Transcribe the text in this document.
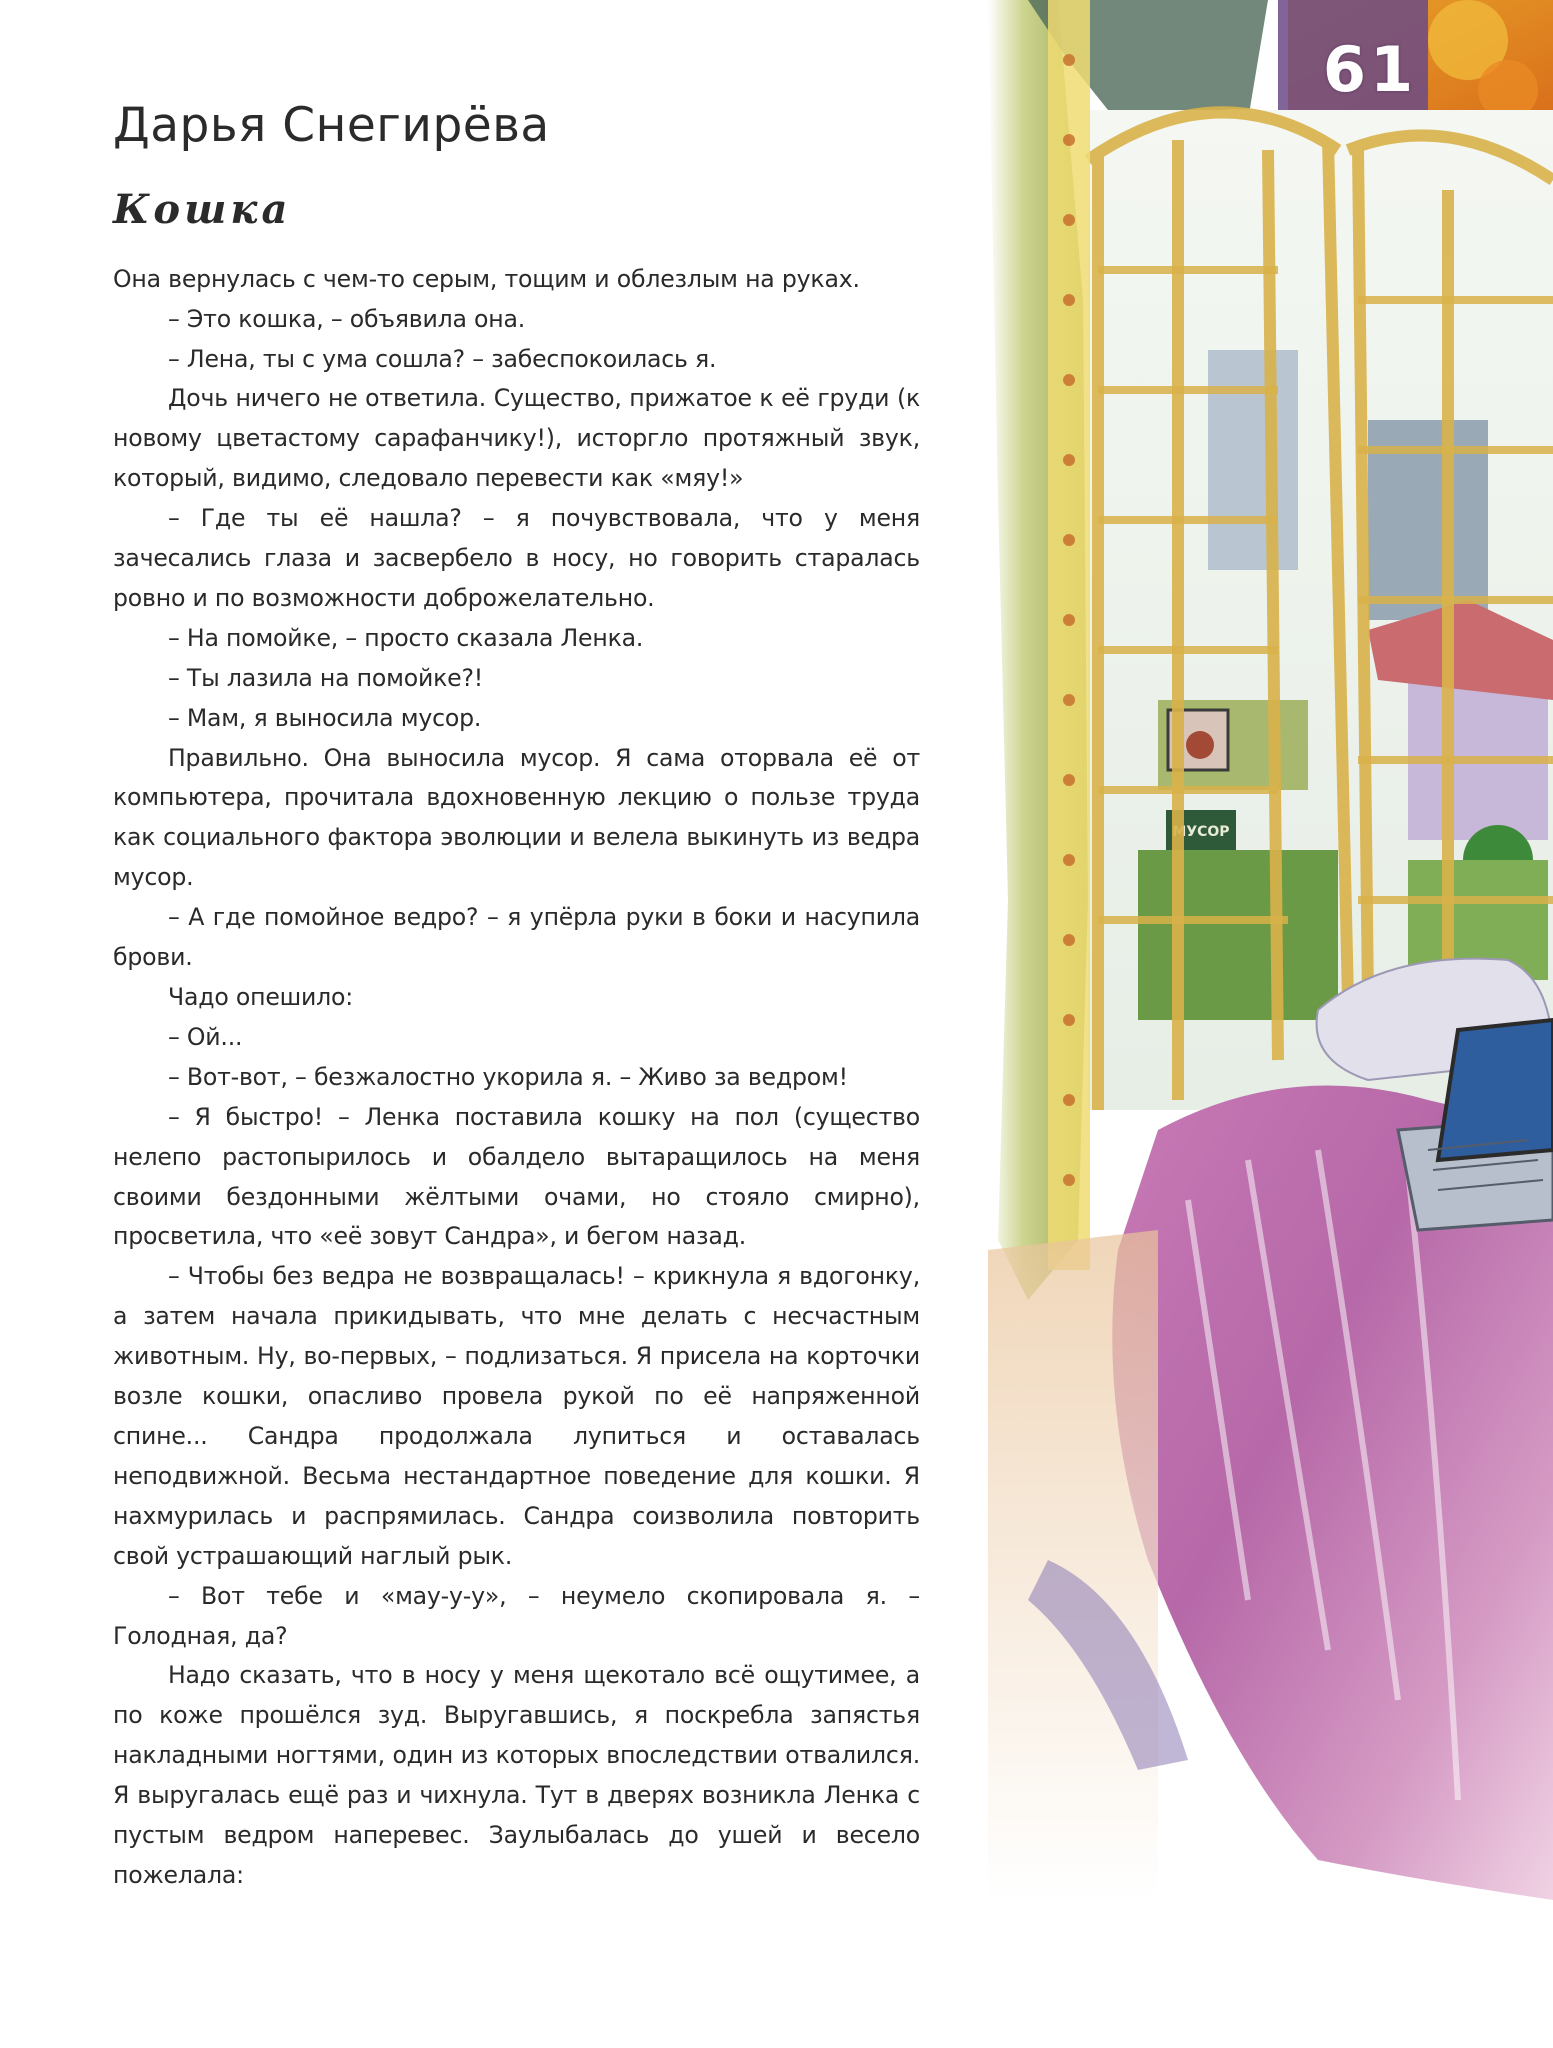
Дарья Снегирёва
Кошка

Она вернулась с чем-то серым, тощим и облезлым на руках.

– Это кошка, – объявила она.

– Лена, ты с ума сошла? – забеспокоилась я.

Дочь ничего не ответила. Существо, прижатое к её груди (к новому цветастому сарафанчику!), исторгло протяжный звук, который, видимо, следовало перевести как «мяу!»

– Где ты её нашла? – я почувствовала, что у меня зачесались глаза и засвербело в носу, но говорить старалась ровно и по возможности доброжелательно.

– На помойке, – просто сказала Ленка.

– Ты лазила на помойке?!

– Мам, я выносила мусор.

Правильно. Она выносила мусор. Я сама оторвала её от компьютера, прочитала вдохновенную лекцию о пользе труда как социального фактора эволюции и велела выкинуть из ведра мусор.

– А где помойное ведро? – я упёрла руки в боки и насупила брови.

Чадо опешило:

– Ой...

– Вот-вот, – безжалостно укорила я. – Живо за ведром!

– Я быстро! – Ленка поставила кошку на пол (существо нелепо растопырилось и обалдело вытаращилось на меня своими бездонными жёлтыми очами, но стояло смирно), просветила, что «её зовут Сандра», и бегом назад.

– Чтобы без ведра не возвращалась! – крикнула я вдогонку, а затем начала прикидывать, что мне делать с несчастным животным. Ну, во-первых, – подлизаться. Я присела на корточки возле кошки, опасливо провела рукой по её напряженной спине... Сандра продолжала лупиться и оставалась неподвижной. Весьма нестандартное поведение для кошки. Я нахмурилась и распрямилась. Сандра соизволила повторить свой устрашающий наглый рык.

– Вот тебе и «мау-у-у», – неумело скопировала я. – Голодная, да?

Надо сказать, что в носу у меня щекотало всё ощутимее, а по коже прошёлся зуд. Выругавшись, я поскребла запястья накладными ногтями, один из которых впоследствии отвалился. Я выругалась ещё раз и чихнула. Тут в дверях возникла Ленка с пустым ведром наперевес. Заулыбалась до ушей и весело пожелала:

МУСОР
61
